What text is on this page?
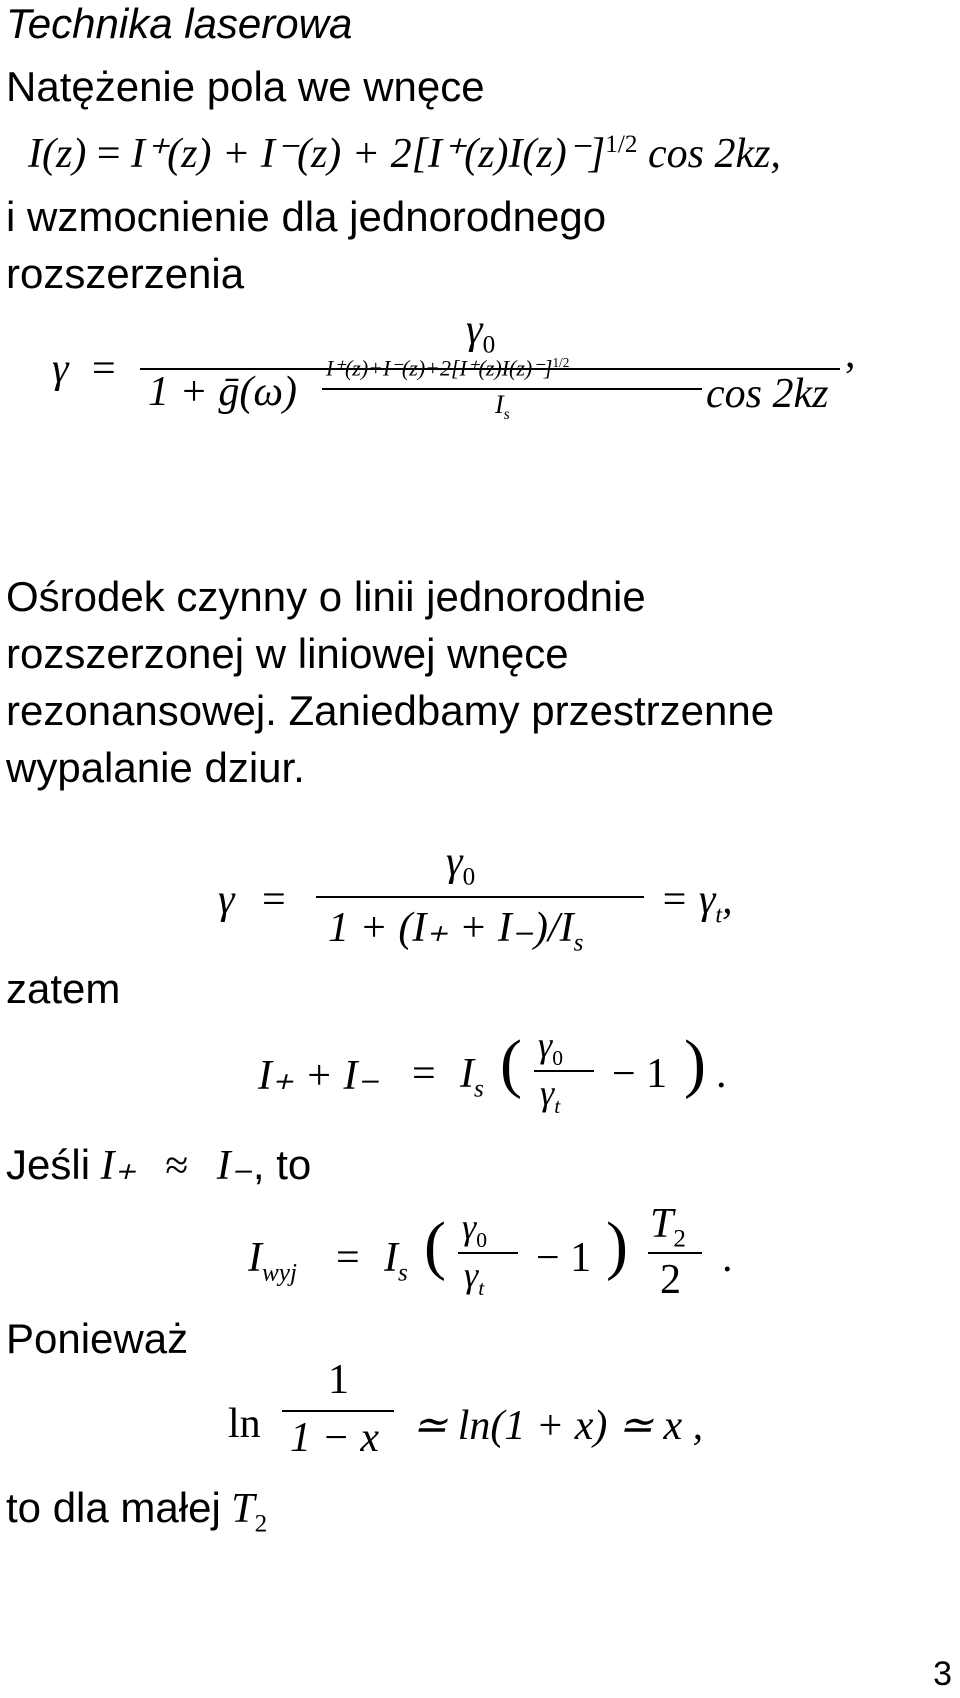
Technika laserowa
Natężenie pola we wnęce
$I(z) = I^+(z) + I^-(z) + 2[I^+(z)I(z)^-]^{1/2}$ cos 2kz,
i wzmocnienie dla jednorodnego
rozszerzenia
γ =
$\gamma_0$	,
1 + ḡ(ω)
$I^+(z)+I^-(z)+2[I^+(z)I(z)^-]^{1/2}$
$I_s$	cos 2kz
Ośrodek czynny o linii jednorodnie
rozszerzonej w liniowej wnęce
rezonansowej. Zaniedbamy przestrzenne
wypalanie dziur.
γ =
$\gamma_0$
$1 + (I_+ + I_-)/I_s$
= $\gamma_t$,
zatem
$I_+ + I_- = I_s$ ( $\gamma_0$
$\gamma_t$
− 1 ) .
Jeśli I₊ ≈ I₋, to
$I_{wyj} = I_s$ ( $\gamma_0$
$\gamma_t$
− 1 ) $T_2$
2 .
Ponieważ
ln
1
1 − x ≃ ln(1 + x) ≃ x ,
to dla małej $T_2$
3
